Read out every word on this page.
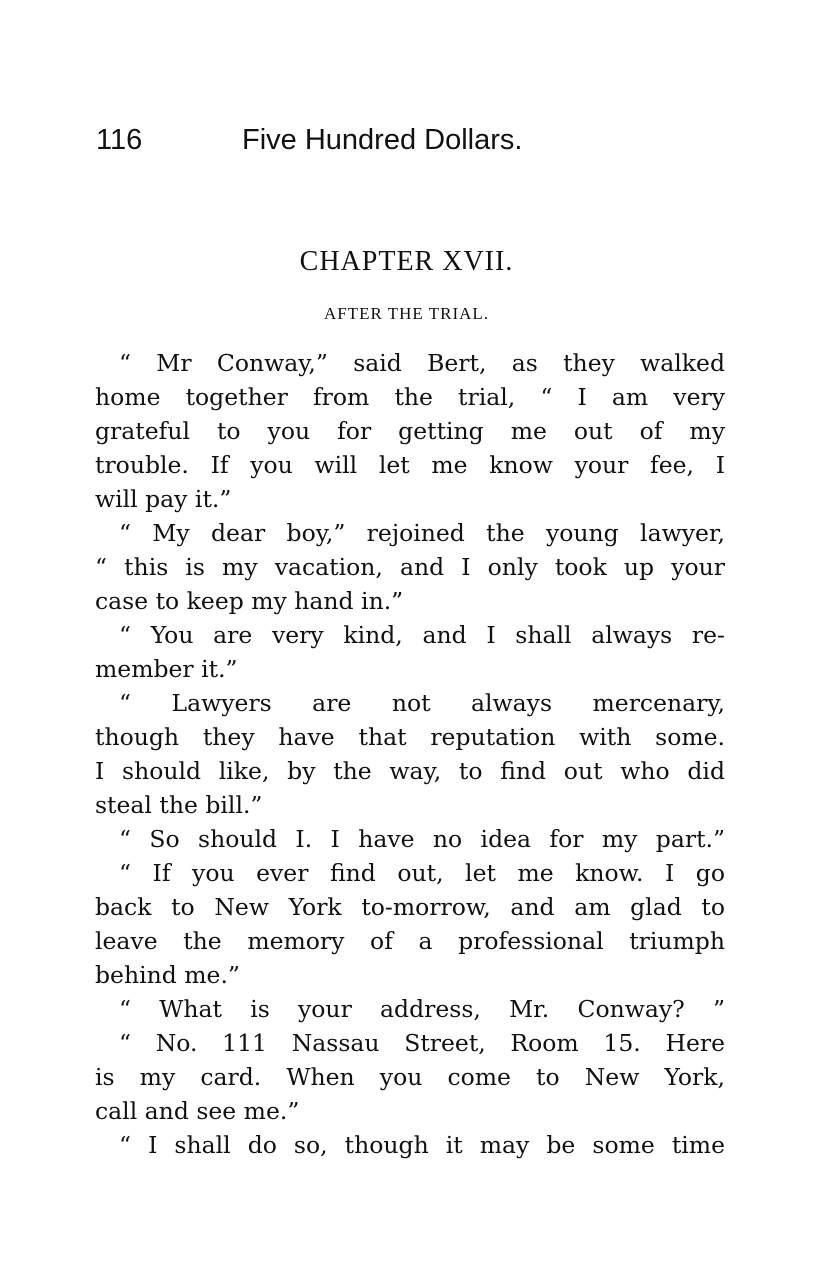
116	Five Hundred Dollars.
CHAPTER XVII.
AFTER THE TRIAL.
“ Mr Conway,” said Bert, as they walked
home together from the trial, “ I am very
grateful to you for getting me out of my
trouble. If you will let me know your fee, I
will pay it.”
“ My dear boy,” rejoined the young lawyer,
“ this is my vacation, and I only took up your
case to keep my hand in.”
“ You are very kind, and I shall always re-
member it.”
“ Lawyers are not always mercenary,
though they have that reputation with some.
I should like, by the way, to find out who did
steal the bill.”
“ So should I. I have no idea for my part.”
“ If you ever find out, let me know. I go
back to New York to-morrow, and am glad to
leave the memory of a professional triumph
behind me.”
“ What is your address, Mr. Conway? ”
“ No. 111 Nassau Street, Room 15. Here
is my card. When you come to New York,
call and see me.”
“ I shall do so, though it may be some time
